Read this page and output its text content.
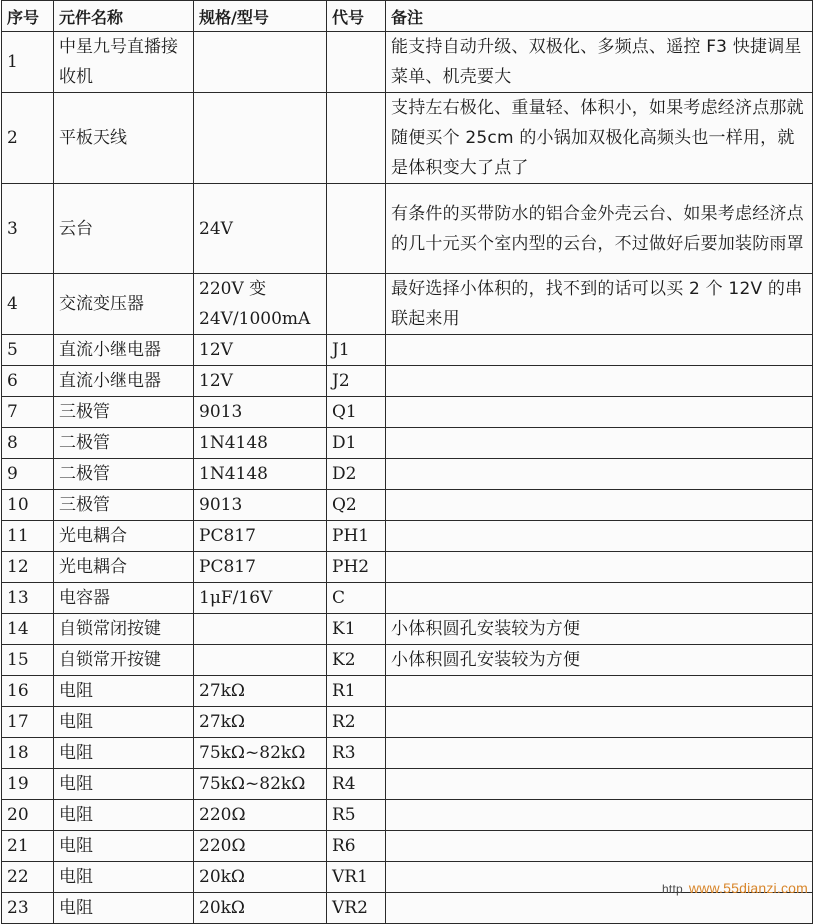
序号	元件名称	规格/型号	代号	备注
1	中星九号直播接收机			能支持自动升级、双极化、多频点、遥控 F3 快捷调星菜单、机壳要大
2	平板天线			支持左右极化、重量轻、体积小，如果考虑经济点那就随便买个 25cm 的小锅加双极化高频头也一样用，就是体积变大了点了
3	云台	24V		有条件的买带防水的铝合金外壳云台、如果考虑经济点的几十元买个室内型的云台，不过做好后要加装防雨罩
4	交流变压器	220V 变 24V/1000mA		最好选择小体积的，找不到的话可以买 2 个 12V 的串联起来用
5	直流小继电器	12V	J1	
6	直流小继电器	12V	J2	
7	三极管	9013	Q1	
8	二极管	1N4148	D1	
9	二极管	1N4148	D2	
10	三极管	9013	Q2	
11	光电耦合	PC817	PH1	
12	光电耦合	PC817	PH2	
13	电容器	1μF/16V	C	
14	自锁常闭按键		K1	小体积圆孔安装较为方便
15	自锁常开按键		K2	小体积圆孔安装较为方便
16	电阻	27kΩ	R1	
17	电阻	27kΩ	R2	
18	电阻	75kΩ~82kΩ	R3	
19	电阻	75kΩ~82kΩ	R4	
20	电阻	220Ω	R5	
21	电阻	220Ω	R6	
22	电阻	20kΩ	VR1	
23	电阻	20kΩ	VR2	
http www.55dianzi.com
